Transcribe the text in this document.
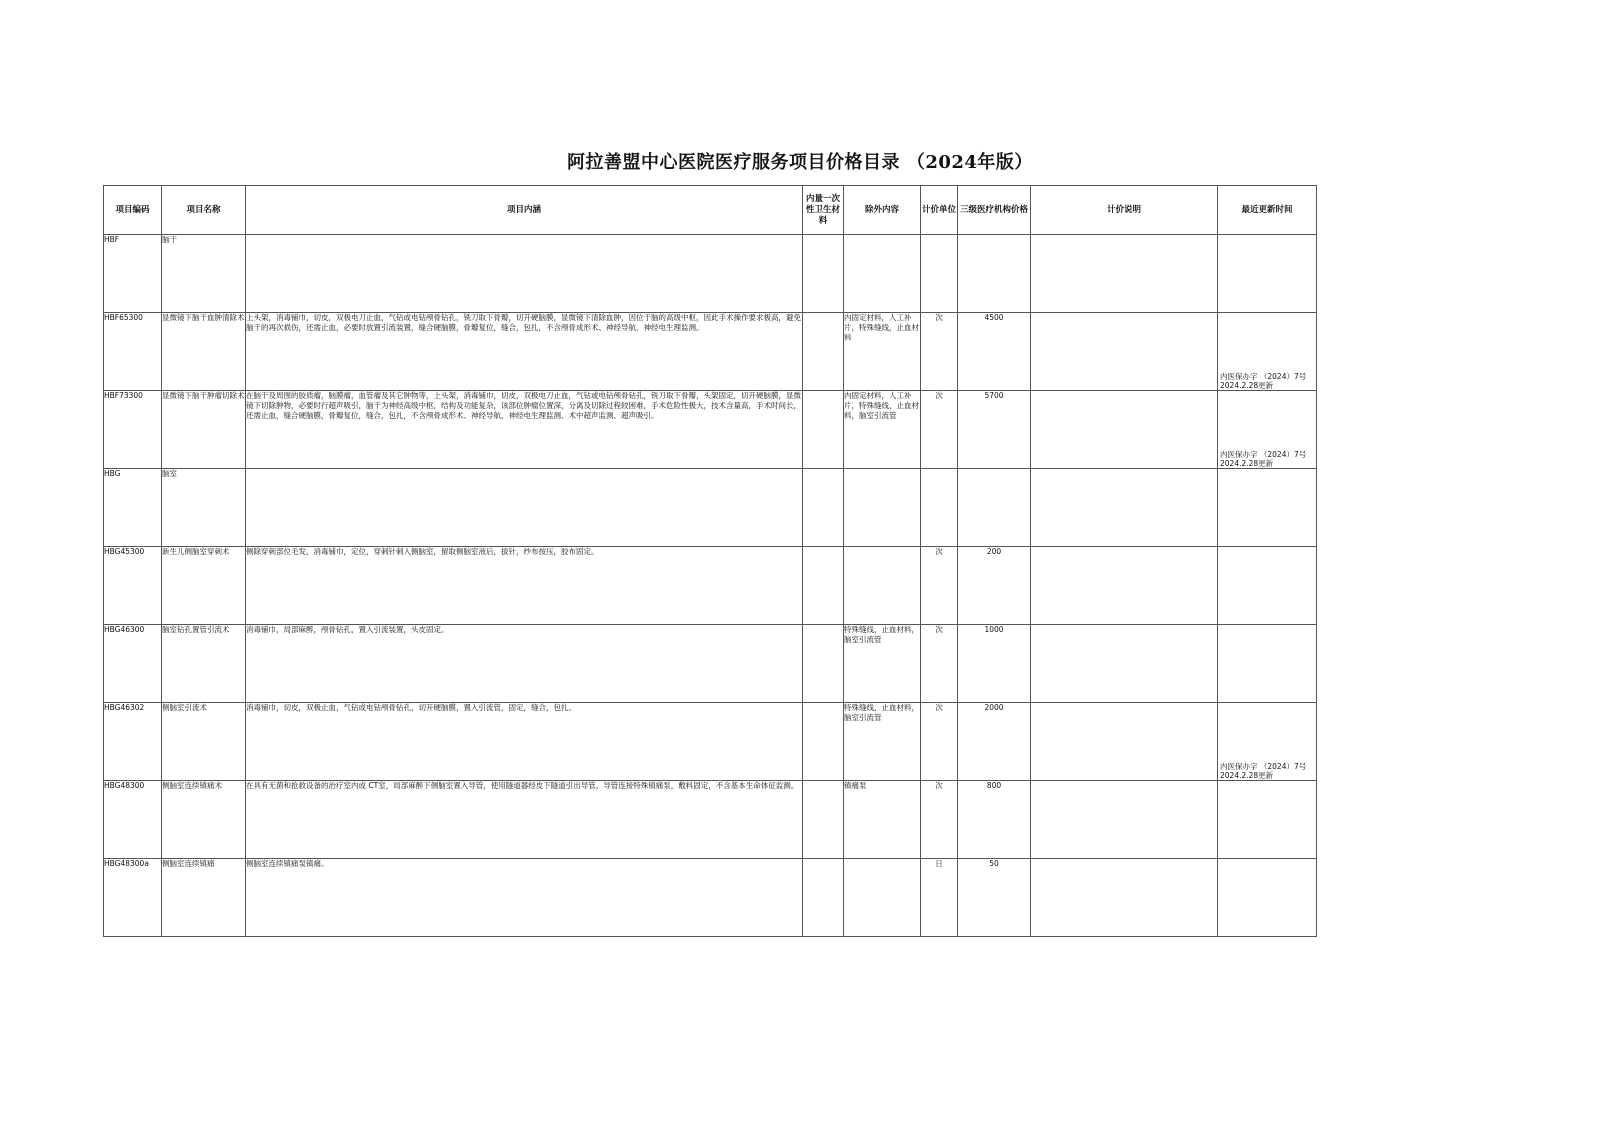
阿拉善盟中心医院医疗服务项目价格目录 （2024年版）
项目编码	项目名称	项目内涵	内量一次性卫生材料	除外内容	计价单位	三级医疗机构价格	计价说明	最近更新时间
HBF	脑干							

HBF65300	显微镜下脑干血肿清除术	上头架，消毒铺巾，切皮，双极电刀止血，气钻或电钻颅骨钻孔，铣刀取下骨瓣，切开硬脑膜，显微镜下清除血肿，因位于脑的高级中枢，因此手术操作要求极高，避免脑干的再次损伤，还需止血，必要时放置引流装置，缝合硬脑膜，骨瓣复位，缝合，包扎，不含颅骨成形术、神经导航、神经电生理监测。		内固定材料，人工补片，特殊缝线，止血材料	次	4500		内医保办字 （2024）7号 2024.2.28更新

HBF73300	显微镜下脑干肿瘤切除术	在脑干及周围的胶质瘤，脑膜瘤，血管瘤及其它肿物等，上头架，消毒铺巾，切皮，双极电刀止血，气钻或电钻颅骨钻孔，铣刀取下骨瓣，头架固定，切开硬脑膜，显微镜下切除肿物，必要时行超声吸引，脑干为神经高级中枢，结构及功能复杂，该部位肿瘤位置深，分离及切除过程较困难，手术危险性极大，技术含量高，手术时间长，还需止血，缝合硬脑膜，骨瓣复位，缝合，包扎，不含颅骨成形术、神经导航、神经电生理监测、术中超声监测、超声吸引。		内固定材料，人工补片，特殊缝线，止血材料，脑室引流管	次	5700		内医保办字 （2024）7号 2024.2.28更新

HBG	脑室							

HBG45300	新生儿侧脑室穿刺术	侧除穿刺部位毛发，消毒铺巾，定位，穿刺针刺入侧脑室，留取侧脑室液后，拔针，纱布按压，胶布固定。			次	200		

HBG46300	脑室钻孔置管引流术	消毒铺巾，局部麻醉，颅骨钻孔，置入引流装置，头皮固定。		特殊缝线，止血材料，脑室引流管	次	1000		

HBG46302	侧脑室引流术	消毒铺巾，切皮，双极止血，气钻或电钻颅骨钻孔，切开硬脑膜，置入引流管，固定，缝合，包扎。		特殊缝线，止血材料，脑室引流管	次	2000		内医保办字 （2024）7号 2024.2.28更新

HBG48300	侧脑室连续镇痛术	在具有无菌和抢救设备的治疗室内或 CT室，局部麻醉下侧脑室置入导管，使用隧道器经皮下隧道引出导管，导管连接特殊镇痛泵，敷料固定，不含基本生命体征监测。		镇痛泵	次	800		

HBG48300a	侧脑室连续镇痛	侧脑室连续镇痛泵镇痛。			日	50		
